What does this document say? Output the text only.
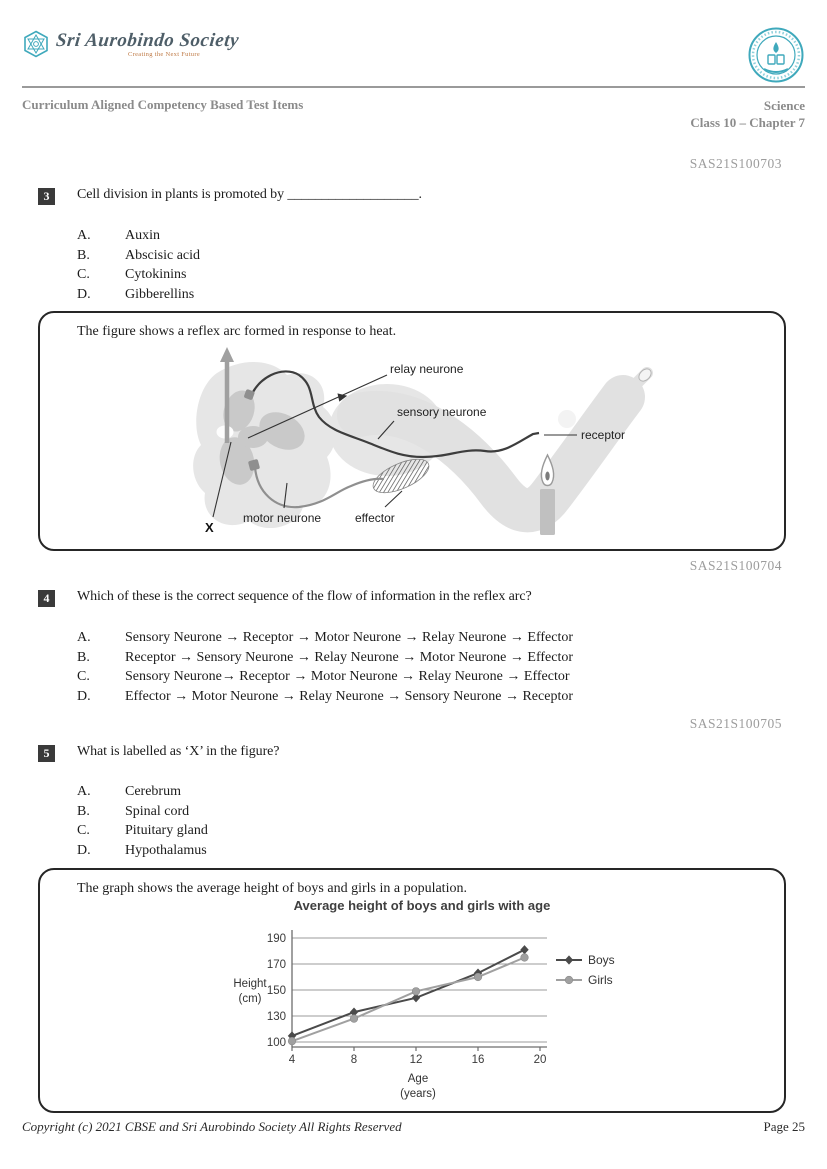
Sri Aurobindo Society
Creating the Next Future
Curriculum Aligned Competency Based Test Items	Science
Class 10 – Chapter 7
SAS21S100703
3	Cell division in plants is promoted by ___________________.
A.	Auxin
B.	Abscisic acid
C.	Cytokinins
D.	Gibberellins
The figure shows a reflex arc formed in response to heat.
relay neurone
sensory neurone
receptor
motor neurone	effector
X
SAS21S100704
4	Which of these is the correct sequence of the flow of information in the reflex arc?
A.	Sensory Neurone → Receptor → Motor Neurone → Relay Neurone → Effector
B.	Receptor → Sensory Neurone → Relay Neurone → Motor Neurone → Effector
C.	Sensory Neurone→ Receptor → Motor Neurone → Relay Neurone → Effector
D.	Effector → Motor Neurone → Relay Neurone → Sensory Neurone → Receptor
SAS21S100705
5	What is labelled as ‘X’ in the figure?
A.	Cerebrum
B.	Spinal cord
C.	Pituitary gland
D.	Hypothalamus
The graph shows the average height of boys and girls in a population.
Average height of boys and girls with age
100
130
150
170
190
4	8	12	16	20
Boys
Girls
Height
(cm)
Age
(years)
Copyright (c) 2021 CBSE and Sri Aurobindo Society All Rights Reserved	Page 25
